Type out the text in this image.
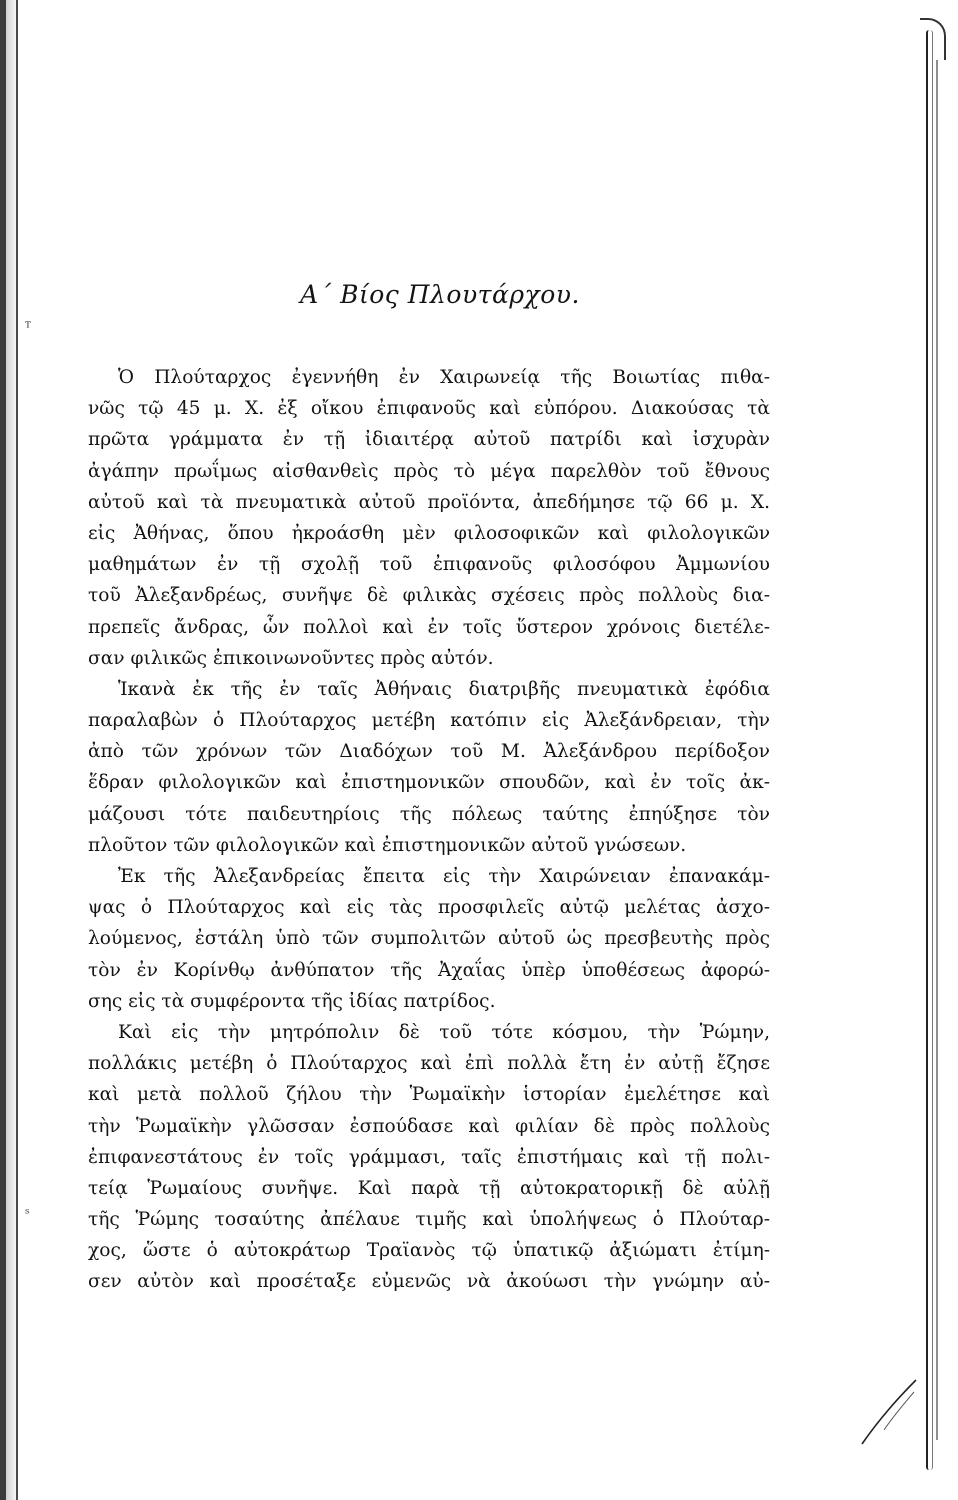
ᵀ
ˢ
Α΄ Βίος Πλουτάρχου.
Ὁ Πλούταρχος ἐγεννήθη ἐν Χαιρωνείᾳ τῆς Βοιωτίας πιθα-
νῶς τῷ 45 μ. Χ. ἐξ οἴκου ἐπιφανοῦς καὶ εὐπόρου. Διακούσας τὰ
πρῶτα γράμματα ἐν τῇ ἰδιαιτέρᾳ αὐτοῦ πατρίδι καὶ ἰσχυρὰν
ἀγάπην πρωΐμως αἰσθανθεὶς πρὸς τὸ μέγα παρελθὸν τοῦ ἔθνους
αὐτοῦ καὶ τὰ πνευματικὰ αὐτοῦ προϊόντα, ἀπεδήμησε τῷ 66 μ. Χ.
εἰς Ἀθήνας, ὅπου ἠκροάσθη μὲν φιλοσοφικῶν καὶ φιλολογικῶν
μαθημάτων ἐν τῇ σχολῇ τοῦ ἐπιφανοῦς φιλοσόφου Ἀμμωνίου
τοῦ Ἀλεξανδρέως, συνῆψε δὲ φιλικὰς σχέσεις πρὸς πολλοὺς δια-
πρεπεῖς ἄνδρας, ὧν πολλοὶ καὶ ἐν τοῖς ὕστερον χρόνοις διετέλε-
σαν φιλικῶς ἐπικοινωνοῦντες πρὸς αὐτόν.
Ἱκανὰ ἐκ τῆς ἐν ταῖς Ἀθήναις διατριβῆς πνευματικὰ ἐφόδια
παραλαβὼν ὁ Πλούταρχος μετέβη κατόπιν εἰς Ἀλεξάνδρειαν, τὴν
ἀπὸ τῶν χρόνων τῶν Διαδόχων τοῦ Μ. Ἀλεξάνδρου περίδοξον
ἕδραν φιλολογικῶν καὶ ἐπιστημονικῶν σπουδῶν, καὶ ἐν τοῖς ἀκ-
μάζουσι τότε παιδευτηρίοις τῆς πόλεως ταύτης ἐπηύξησε τὸν
πλοῦτον τῶν φιλολογικῶν καὶ ἐπιστημονικῶν αὐτοῦ γνώσεων.
Ἐκ τῆς Ἀλεξανδρείας ἔπειτα εἰς τὴν Χαιρώνειαν ἐπανακάμ-
ψας ὁ Πλούταρχος καὶ εἰς τὰς προσφιλεῖς αὐτῷ μελέτας ἀσχο-
λούμενος, ἐστάλη ὑπὸ τῶν συμπολιτῶν αὐτοῦ ὡς πρεσβευτὴς πρὸς
τὸν ἐν Κορίνθῳ ἀνθύπατον τῆς Ἀχαΐας ὑπὲρ ὑποθέσεως ἀφορώ-
σης εἰς τὰ συμφέροντα τῆς ἰδίας πατρίδος.
Καὶ εἰς τὴν μητρόπολιν δὲ τοῦ τότε κόσμου, τὴν Ῥώμην,
πολλάκις μετέβη ὁ Πλούταρχος καὶ ἐπὶ πολλὰ ἔτη ἐν αὐτῇ ἔζησε
καὶ μετὰ πολλοῦ ζήλου τὴν Ῥωμαϊκὴν ἱστορίαν ἐμελέτησε καὶ
τὴν Ῥωμαϊκὴν γλῶσσαν ἐσπούδασε καὶ φιλίαν δὲ πρὸς πολλοὺς
ἐπιφανεστάτους ἐν τοῖς γράμμασι, ταῖς ἐπιστήμαις καὶ τῇ πολι-
τείᾳ Ῥωμαίους συνῆψε. Καὶ παρὰ τῇ αὐτοκρατορικῇ δὲ αὐλῇ
τῆς Ῥώμης τοσαύτης ἀπέλαυε τιμῆς καὶ ὑπολήψεως ὁ Πλούταρ-
χος, ὥστε ὁ αὐτοκράτωρ Τραϊανὸς τῷ ὑπατικῷ ἀξιώματι ἐτίμη-
σεν αὐτὸν καὶ προσέταξε εὐμενῶς νὰ ἀκούωσι τὴν γνώμην αὐ-
